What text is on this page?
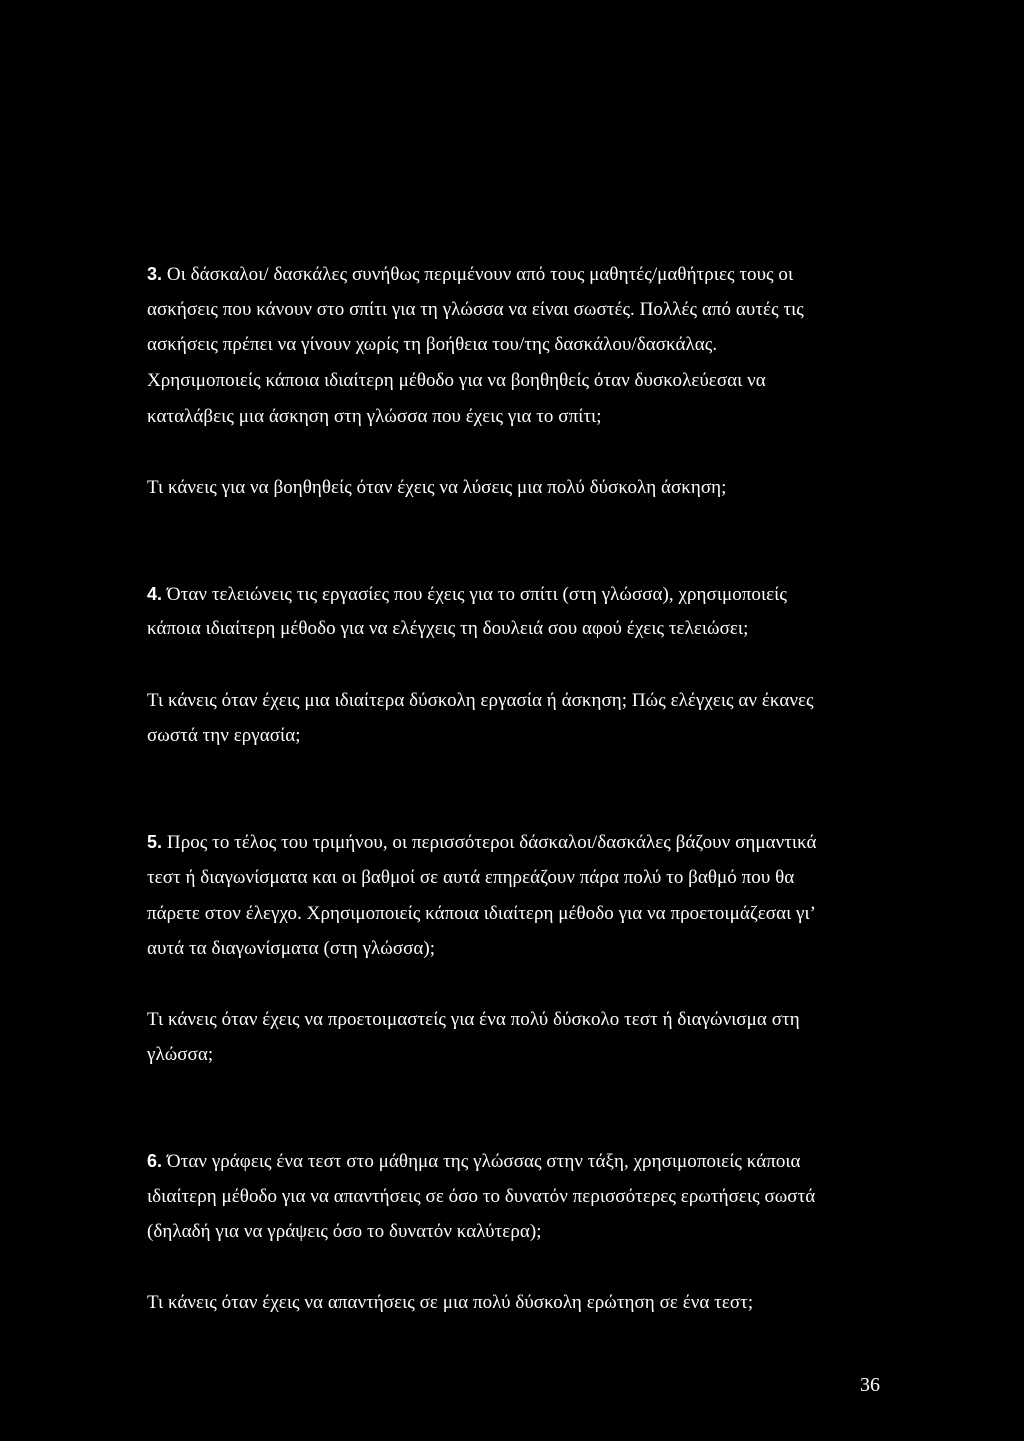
3. Οι δάσκαλοι/ δασκάλες συνήθως περιμένουν από τους μαθητές/μαθήτριες τους οι
ασκήσεις που κάνουν στο σπίτι για τη γλώσσα να είναι σωστές. Πολλές από αυτές τις
ασκήσεις πρέπει να γίνουν χωρίς τη βοήθεια του/της δασκάλου/δασκάλας.
Χρησιμοποιείς κάποια ιδιαίτερη μέθοδο για να βοηθηθείς όταν δυσκολεύεσαι να
καταλάβεις μια άσκηση στη γλώσσα που έχεις για το σπίτι;
Τι κάνεις για να βοηθηθείς όταν έχεις να λύσεις μια πολύ δύσκολη άσκηση;
4. Όταν τελειώνεις τις εργασίες που έχεις για το σπίτι (στη γλώσσα), χρησιμοποιείς
κάποια ιδιαίτερη μέθοδο για να ελέγχεις τη δουλειά σου αφού έχεις τελειώσει;
Τι κάνεις όταν έχεις μια ιδιαίτερα δύσκολη εργασία ή άσκηση; Πώς ελέγχεις αν έκανες
σωστά την εργασία;
5. Προς το τέλος του τριμήνου, οι περισσότεροι δάσκαλοι/δασκάλες βάζουν σημαντικά
τεστ ή διαγωνίσματα και οι βαθμοί σε αυτά επηρεάζουν πάρα πολύ το βαθμό που θα
πάρετε στον έλεγχο. Χρησιμοποιείς κάποια ιδιαίτερη μέθοδο για να προετοιμάζεσαι γι’
αυτά τα διαγωνίσματα (στη γλώσσα);
Τι κάνεις όταν έχεις να προετοιμαστείς για ένα πολύ δύσκολο τεστ ή διαγώνισμα στη
γλώσσα;
6. Όταν γράφεις ένα τεστ στο μάθημα της γλώσσας στην τάξη, χρησιμοποιείς κάποια
ιδιαίτερη μέθοδο για να απαντήσεις σε όσο το δυνατόν περισσότερες ερωτήσεις σωστά
(δηλαδή για να γράψεις όσο το δυνατόν καλύτερα);
Τι κάνεις όταν έχεις να απαντήσεις σε μια πολύ δύσκολη ερώτηση σε ένα τεστ;
36
